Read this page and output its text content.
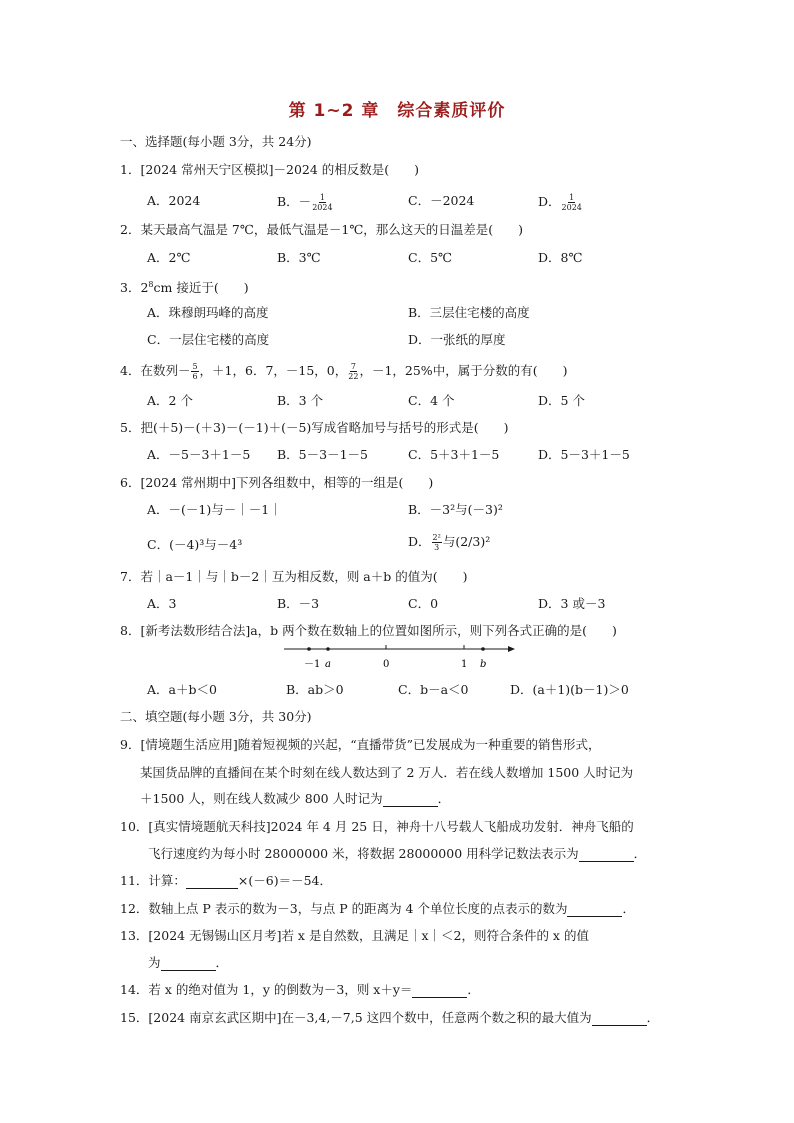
第 1~2 章　综合素质评价
一、选择题(每小题 3分，共 24分)
1．[2024 常州天宁区模拟]－2024 的相反数是(　　)
A．2024	B．－ $\frac{1}{2024}$	C．－2024	D． $\frac{1}{2024}$
2．某天最高气温是 7℃，最低气温是－1℃，那么这天的日温差是(　　)
A．2℃	B．3℃	C．5℃	D．8℃
3．$2^8cm$ 接近于(　　)
A．珠穆朗玛峰的高度	B．三层住宅楼的高度
C．一层住宅楼的高度	D．一张纸的厚度
4．在数列－ $\frac{5}{6}$ ，＋1，6．7，－15，0， $\frac{7}{22}$ ，－1，25%中，属于分数的有(　　)
A．2 个	B．3 个	C．4 个	D．5 个
5．把(＋5)－(＋3)－(－1)＋(－5)写成省略加号与括号的形式是(　　)
A．－5－3＋1－5 B．5－3－1－5	C．5＋3＋1－5	D．5－3＋1－5
6．[2024 常州期中]下列各组数中，相等的一组是(　　)
A．－(－1)与－｜－1｜	B．－3²与(－3)²
C．(－4)³与－4³	D． $\frac{\text{2²}}{3}$ 与(2/3)²
7．若｜a－1｜与｜b－2｜互为相反数，则 a＋b 的值为(　　)
A．3	B．－3	C．0	D．3 或－3
8．[新考法数形结合法]a，b 两个数在数轴上的位置如图所示，则下列各式正确的是(　　)
－1 a	0	1 b
A．a＋b＜0	B．ab＞0	C．b－a＜0	D．(a＋1)(b－1)＞0
二、填空题(每小题 3分，共 30分)
9．[情境题生活应用]随着短视频的兴起，“直播带货”已发展成为一种重要的销售形式，
某国货品牌的直播间在某个时刻在线人数达到了 2 万人．若在线人数增加 1500 人时记为
＋1500 人，则在线人数减少 800 人时记为	．
10．[真实情境题航天科技]2024 年 4 月 25 日，神舟十八号载人飞船成功发射．神舟飞船的
飞行速度约为每小时 28000000 米，将数据 28000000 用科学记数法表示为	．
11．计算：	×(－6)＝－54．
12．数轴上点 P 表示的数为－3，与点 P 的距离为 4 个单位长度的点表示的数为	．
13．[2024 无锡锡山区月考]若 x 是自然数，且满足｜x｜＜2，则符合条件的 x 的值
为	．
14．若 x 的绝对值为 1，y 的倒数为－3，则 x＋y＝	．
15．[2024 南京玄武区期中]在－3,4,－7,5 这四个数中，任意两个数之积的最大值为	．
